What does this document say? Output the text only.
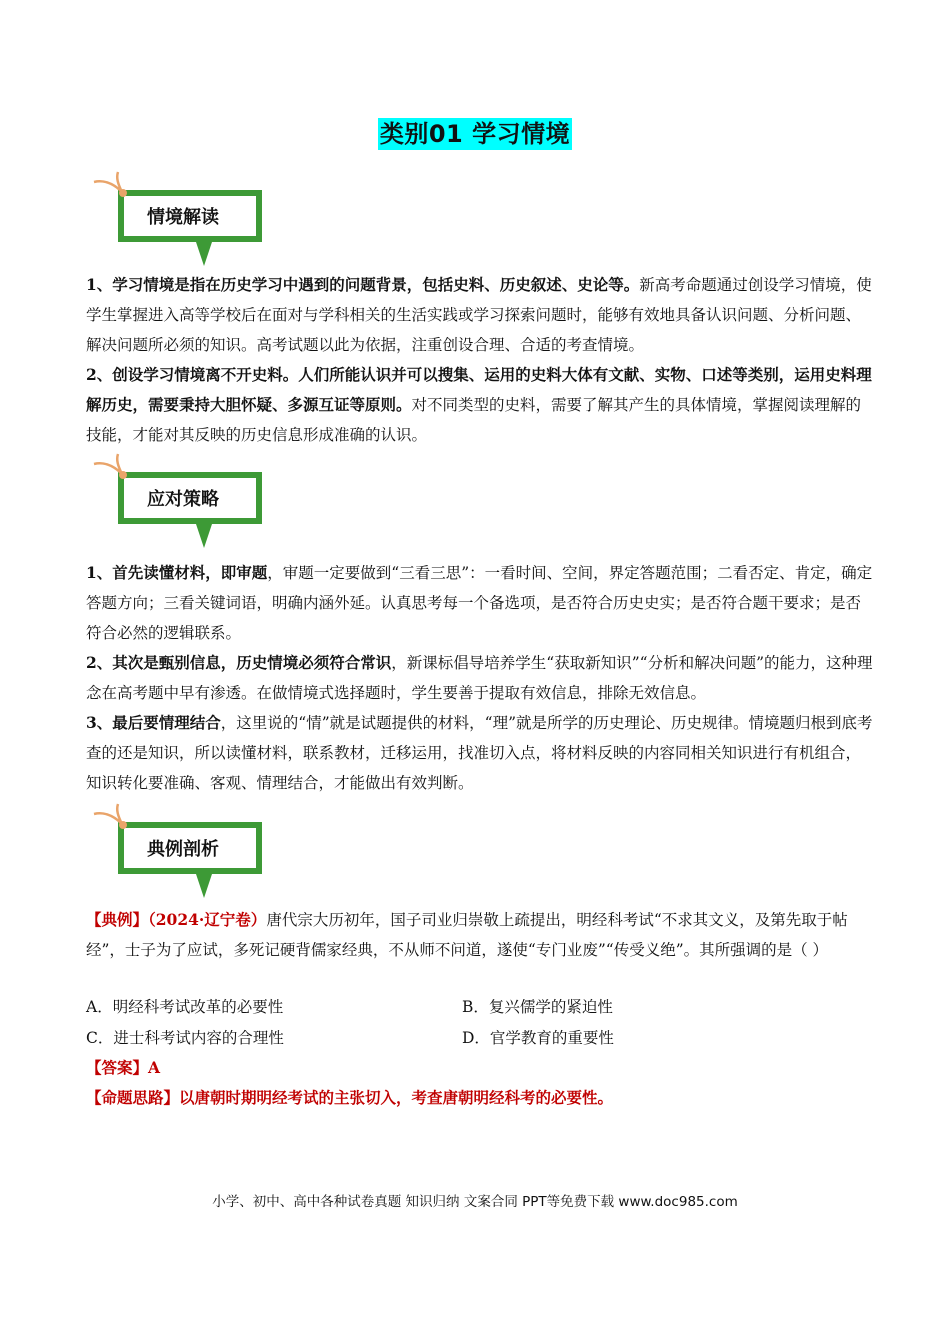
类别01 学习情境
情境解读

1、学习情境是指在历史学习中遇到的问题背景，包括史料、历史叙述、史论等。新高考命题通过创设学习情境，使学生掌握进入高等学校后在面对与学科相关的生活实践或学习探索问题时，能够有效地具备认识问题、分析问题、解决问题所必须的知识。高考试题以此为依据，注重创设合理、合适的考查情境。

2、创设学习情境离不开史料。人们所能认识并可以搜集、运用的史料大体有文献、实物、口述等类别，运用史料理解历史，需要秉持大胆怀疑、多源互证等原则。对不同类型的史料，需要了解其产生的具体情境，掌握阅读理解的技能，才能对其反映的历史信息形成准确的认识。

应对策略

1、首先读懂材料，即审题，审题一定要做到“三看三思”：一看时间、空间，界定答题范围；二看否定、肯定，确定答题方向；三看关键词语，明确内涵外延。认真思考每一个备选项，是否符合历史史实；是否符合题干要求；是否符合必然的逻辑联系。

2、其次是甄别信息，历史情境必须符合常识，新课标倡导培养学生“获取新知识”“分析和解决问题”的能力，这种理念在高考题中早有渗透。在做情境式选择题时，学生要善于提取有效信息，排除无效信息。

3、最后要情理结合，这里说的“情”就是试题提供的材料，“理”就是所学的历史理论、历史规律。情境题归根到底考查的还是知识，所以读懂材料，联系教材，迁移运用，找准切入点，将材料反映的内容同相关知识进行有机组合，知识转化要准确、客观、情理结合，才能做出有效判断。

典例剖析

【典例】（2024·辽宁卷）唐代宗大历初年，国子司业归崇敬上疏提出，明经科考试“不求其文义，及第先取于帖经”，士子为了应试，多死记硬背儒家经典，不从师不问道，遂使“专门业废”“传受义绝”。其所强调的是（ ）

A．明经科考试改革的必要性	B．复兴儒学的紧迫性
C．进士科考试内容的合理性	D．官学教育的重要性

【答案】A

【命题思路】以唐朝时期明经考试的主张切入，考查唐朝明经科考的必要性。

小学、初中、高中各种试卷真题 知识归纳 文案合同 PPT等免费下载 www.doc985.com
